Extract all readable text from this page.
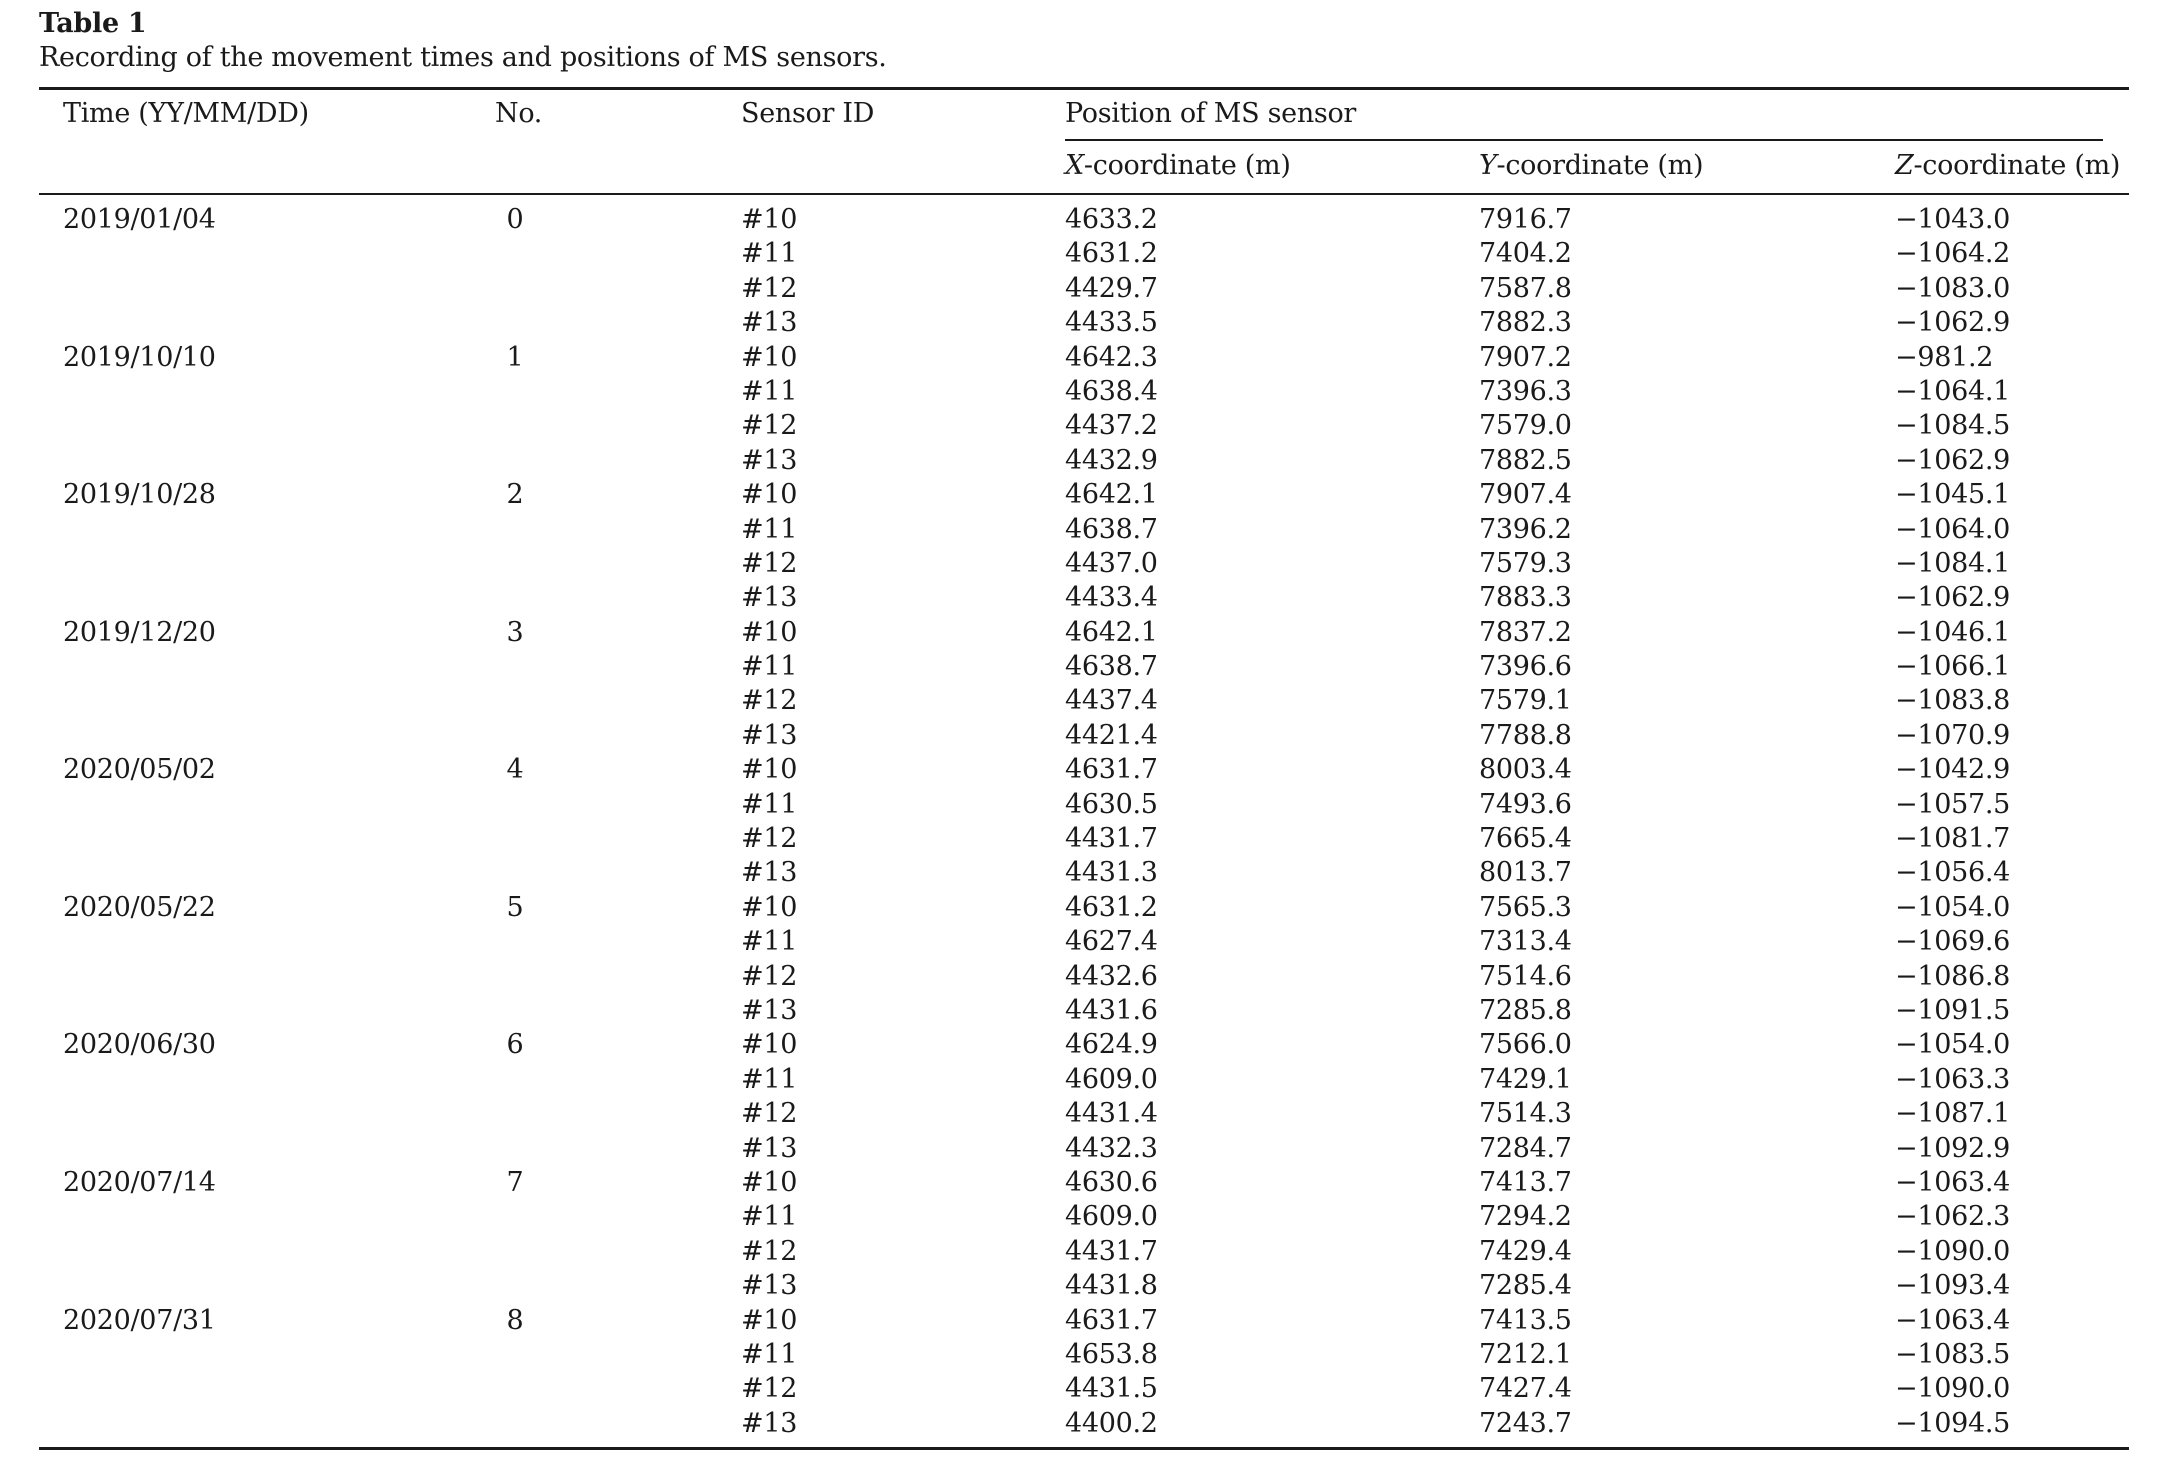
Table 1
Recording of the movement times and positions of MS sensors.
Time (YY/MM/DD)	No.	Sensor ID	Position of MS sensor
X-coordinate (m)	Y-coordinate (m)	Z-coordinate (m)
2019/01/04	0	#10	4633.2	7916.7	−1043.0
#11	4631.2	7404.2	−1064.2
#12	4429.7	7587.8	−1083.0
#13	4433.5	7882.3	−1062.9
2019/10/10	1	#10	4642.3	7907.2	−981.2
#11	4638.4	7396.3	−1064.1
#12	4437.2	7579.0	−1084.5
#13	4432.9	7882.5	−1062.9
2019/10/28	2	#10	4642.1	7907.4	−1045.1
#11	4638.7	7396.2	−1064.0
#12	4437.0	7579.3	−1084.1
#13	4433.4	7883.3	−1062.9
2019/12/20	3	#10	4642.1	7837.2	−1046.1
#11	4638.7	7396.6	−1066.1
#12	4437.4	7579.1	−1083.8
#13	4421.4	7788.8	−1070.9
2020/05/02	4	#10	4631.7	8003.4	−1042.9
#11	4630.5	7493.6	−1057.5
#12	4431.7	7665.4	−1081.7
#13	4431.3	8013.7	−1056.4
2020/05/22	5	#10	4631.2	7565.3	−1054.0
#11	4627.4	7313.4	−1069.6
#12	4432.6	7514.6	−1086.8
#13	4431.6	7285.8	−1091.5
2020/06/30	6	#10	4624.9	7566.0	−1054.0
#11	4609.0	7429.1	−1063.3
#12	4431.4	7514.3	−1087.1
#13	4432.3	7284.7	−1092.9
2020/07/14	7	#10	4630.6	7413.7	−1063.4
#11	4609.0	7294.2	−1062.3
#12	4431.7	7429.4	−1090.0
#13	4431.8	7285.4	−1093.4
2020/07/31	8	#10	4631.7	7413.5	−1063.4
#11	4653.8	7212.1	−1083.5
#12	4431.5	7427.4	−1090.0
#13	4400.2	7243.7	−1094.5
